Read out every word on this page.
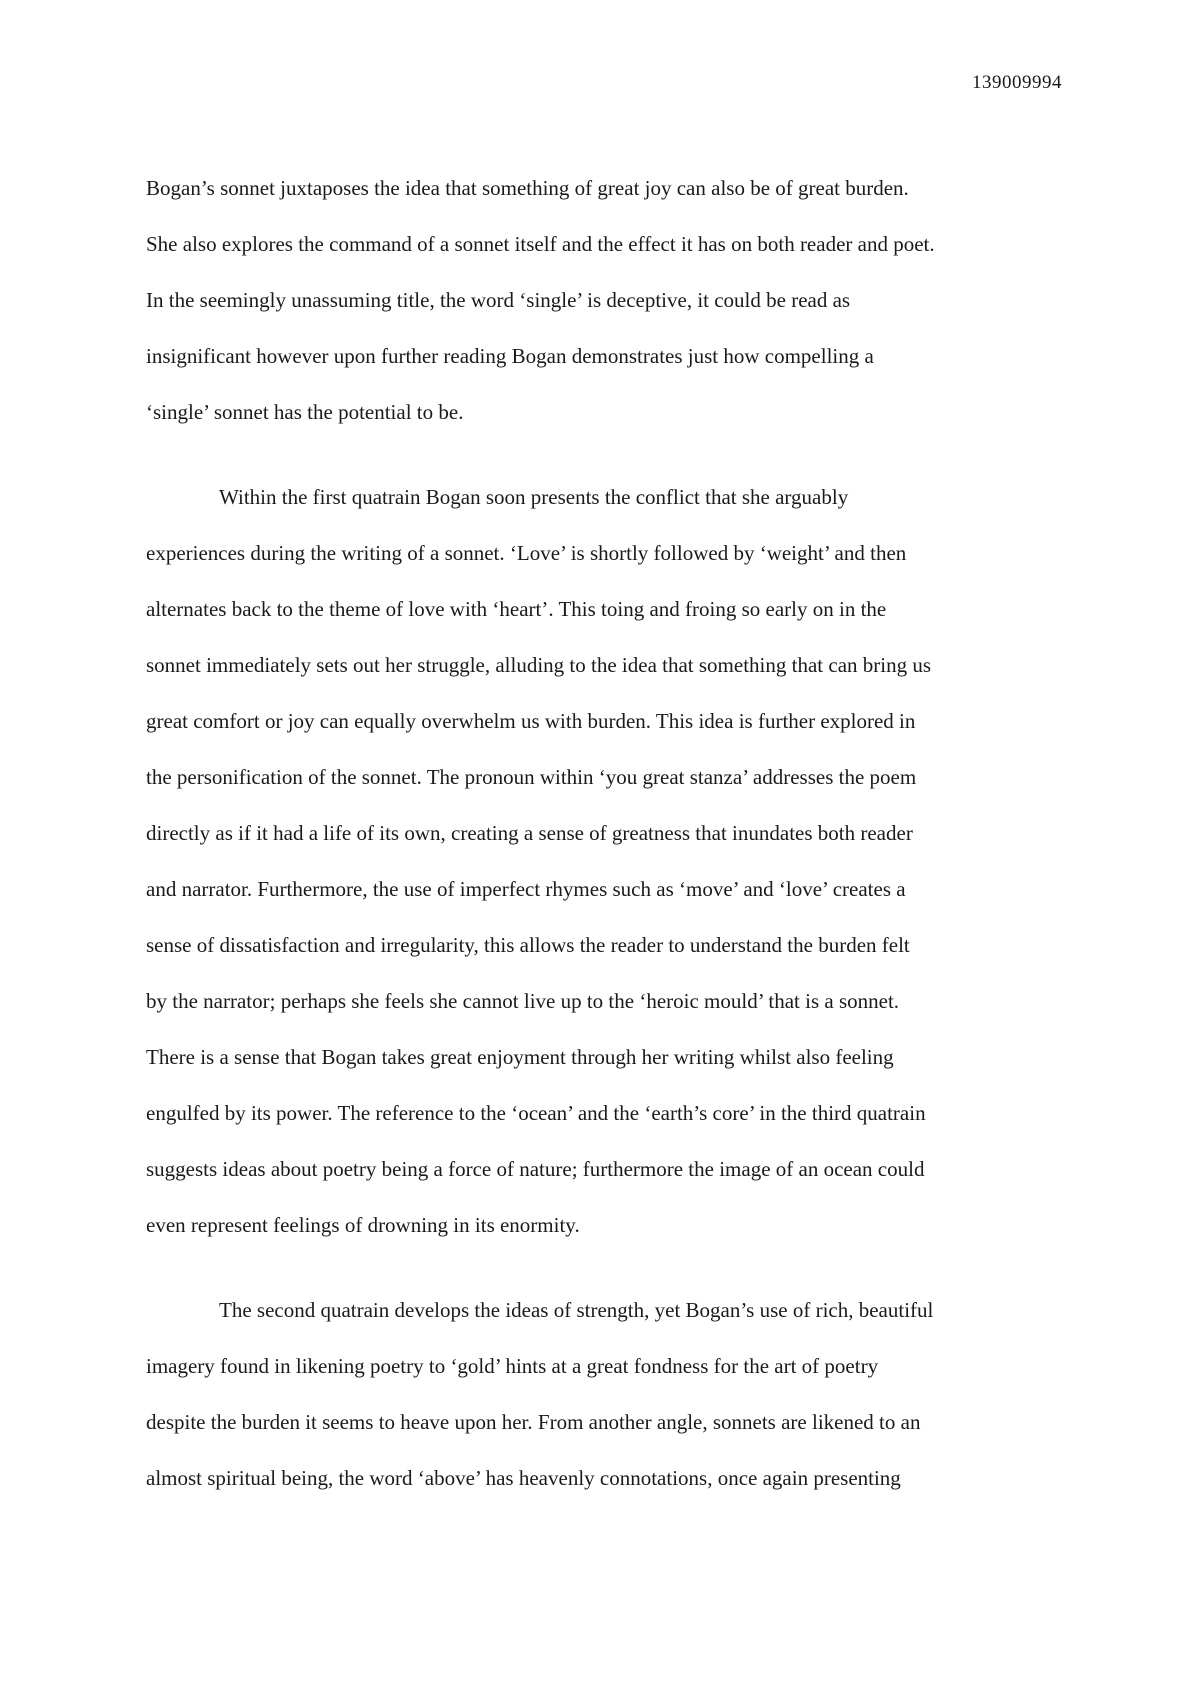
139009994
Bogan’s sonnet juxtaposes the idea that something of great joy can also be of great burden.
She also explores the command of a sonnet itself and the effect it has on both reader and poet.
In the seemingly unassuming title, the word ‘single’ is deceptive, it could be read as
insignificant however upon further reading Bogan demonstrates just how compelling a
‘single’ sonnet has the potential to be.
Within the first quatrain Bogan soon presents the conflict that she arguably
experiences during the writing of a sonnet. ‘Love’ is shortly followed by ‘weight’ and then
alternates back to the theme of love with ‘heart’. This toing and froing so early on in the
sonnet immediately sets out her struggle, alluding to the idea that something that can bring us
great comfort or joy can equally overwhelm us with burden. This idea is further explored in
the personification of the sonnet. The pronoun within ‘you great stanza’ addresses the poem
directly as if it had a life of its own, creating a sense of greatness that inundates both reader
and narrator. Furthermore, the use of imperfect rhymes such as ‘move’ and ‘love’ creates a
sense of dissatisfaction and irregularity, this allows the reader to understand the burden felt
by the narrator; perhaps she feels she cannot live up to the ‘heroic mould’ that is a sonnet.
There is a sense that Bogan takes great enjoyment through her writing whilst also feeling
engulfed by its power. The reference to the ‘ocean’ and the ‘earth’s core’ in the third quatrain
suggests ideas about poetry being a force of nature; furthermore the image of an ocean could
even represent feelings of drowning in its enormity.
The second quatrain develops the ideas of strength, yet Bogan’s use of rich, beautiful
imagery found in likening poetry to ‘gold’ hints at a great fondness for the art of poetry
despite the burden it seems to heave upon her. From another angle, sonnets are likened to an
almost spiritual being, the word ‘above’ has heavenly connotations, once again presenting
